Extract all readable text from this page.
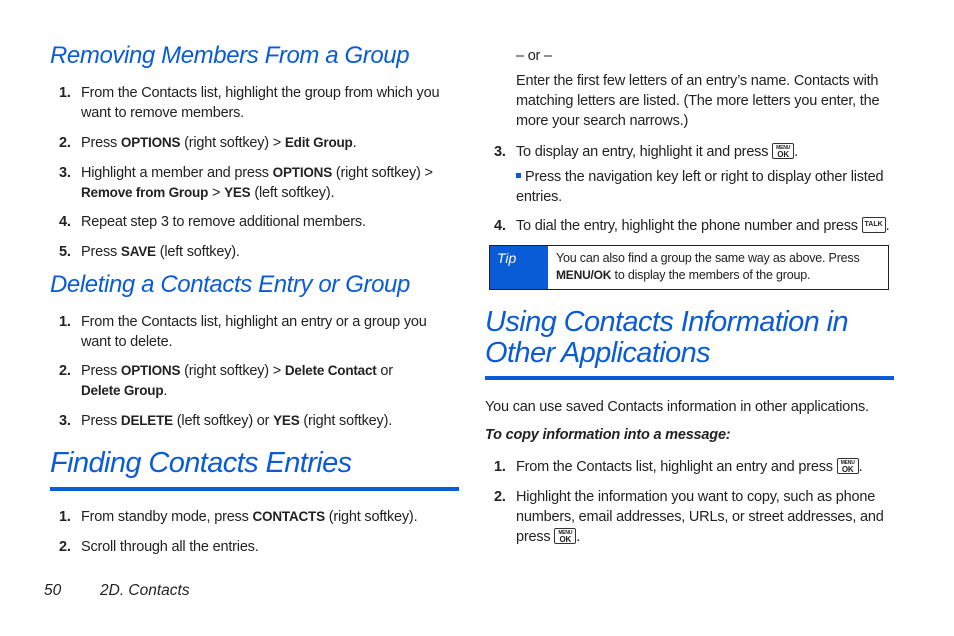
Removing Members From a Group
1. From the Contacts list, highlight the group from which you want to remove members.
2. Press OPTIONS (right softkey) > Edit Group.
3. Highlight a member and press OPTIONS (right softkey) > Remove from Group > YES (left softkey).
4. Repeat step 3 to remove additional members.
5. Press SAVE (left softkey).
Deleting a Contacts Entry or Group
1. From the Contacts list, highlight an entry or a group you want to delete.
2. Press OPTIONS (right softkey) > Delete Contact or
Delete Group.
3. Press DELETE (left softkey) or YES (right softkey).
Finding Contacts Entries
1. From standby mode, press CONTACTS (right softkey).
2. Scroll through all the entries.
– or –
Enter the first few letters of an entry’s name. Contacts with matching letters are listed. (The more letters you enter, the more your search narrows.)
3. To display an entry, highlight it and press MENU
OK .
Press the navigation key left or right to display other listed entries.
4. To dial the entry, highlight the phone number and press TALK .
Tip	You can also find a group the same way as above. Press MENU/OK to display the members of the group.
Using Contacts Information in Other Applications
You can use saved Contacts information in other applications.
To copy information into a message:
1. From the Contacts list, highlight an entry and press MENU
OK .
2. Highlight the information you want to copy, such as phone numbers, email addresses, URLs, or street addresses, and press MENU
OK .
50	2D. Contacts
